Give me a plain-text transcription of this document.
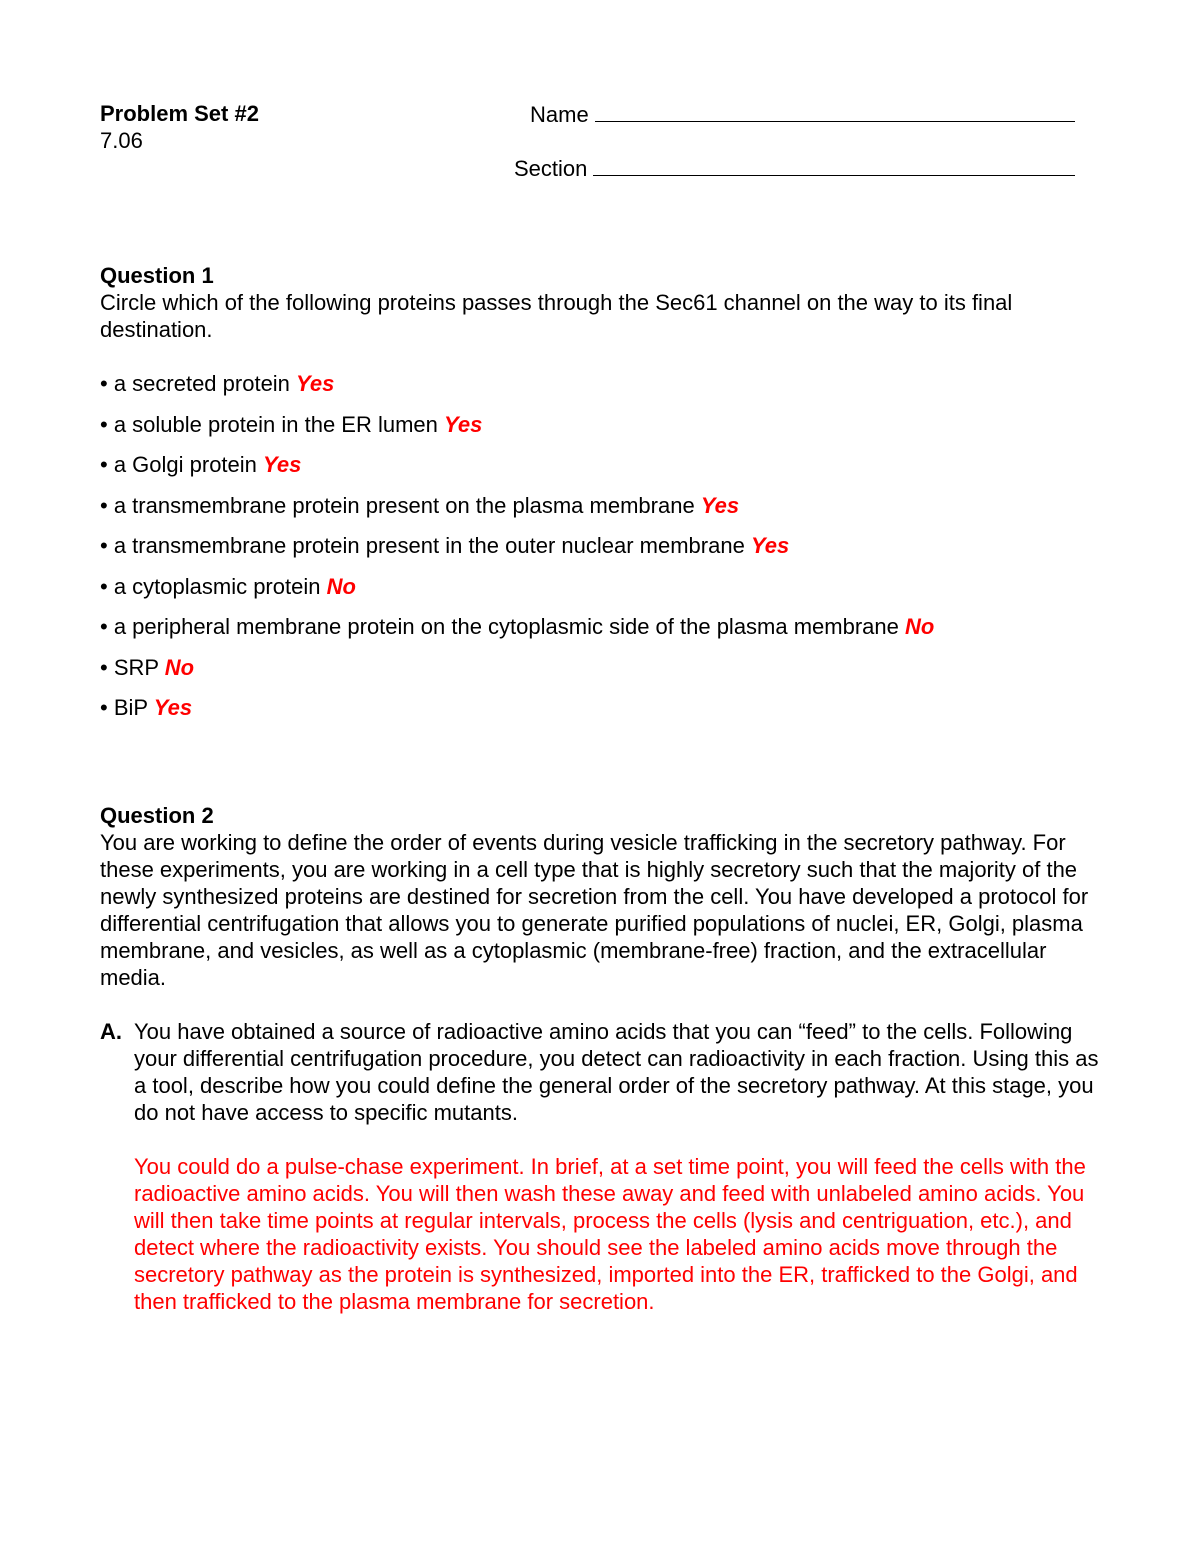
Problem Set #2
7.06
Name
Section
Question 1
Circle which of the following proteins passes through the Sec61 channel on the way to its final destination.
• a secreted protein Yes
• a soluble protein in the ER lumen Yes
• a Golgi protein Yes
• a transmembrane protein present on the plasma membrane Yes
• a transmembrane protein present in the outer nuclear membrane Yes
• a cytoplasmic protein No
• a peripheral membrane protein on the cytoplasmic side of the plasma membrane No
• SRP No
• BiP Yes
Question 2
You are working to define the order of events during vesicle trafficking in the secretory pathway. For these experiments, you are working in a cell type that is highly secretory such that the majority of the newly synthesized proteins are destined for secretion from the cell. You have developed a protocol for differential centrifugation that allows you to generate purified populations of nuclei, ER, Golgi, plasma membrane, and vesicles, as well as a cytoplasmic (membrane-free) fraction, and the extracellular media.
A. You have obtained a source of radioactive amino acids that you can “feed” to the cells. Following your differential centrifugation procedure, you detect can radioactivity in each fraction. Using this as a tool, describe how you could define the general order of the secretory pathway. At this stage, you do not have access to specific mutants.
You could do a pulse-chase experiment. In brief, at a set time point, you will feed the cells with the radioactive amino acids. You will then wash these away and feed with unlabeled amino acids. You will then take time points at regular intervals, process the cells (lysis and centriguation, etc.), and detect where the radioactivity exists. You should see the labeled amino acids move through the secretory pathway as the protein is synthesized, imported into the ER, trafficked to the Golgi, and then trafficked to the plasma membrane for secretion.
